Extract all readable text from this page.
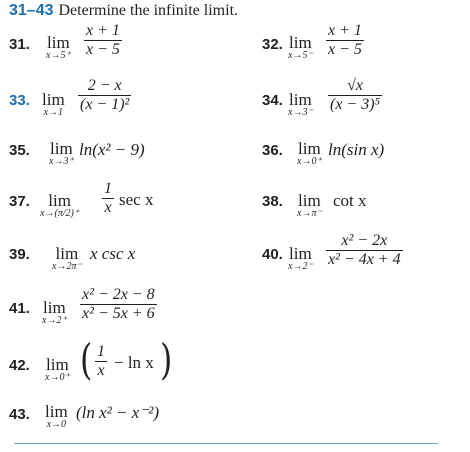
31–43 Determine the infinite limit.
31. lim
x→5⁺
x + 1
x − 5	32. lim
x→5⁻
x + 1
x − 5
33. lim
x→1
2 − x
(x − 1)²	34. lim
x→3⁻
√x
(x − 3)⁵
35. lim
x→3⁺
ln(x² − 9)	36. lim
x→0⁺
ln(sin x)
37.	lim
x→(π/2)⁺
1
x sec x	38. lim
x→π⁻
cot x
39. lim
x→2π⁻
x csc x	40. lim
x→2⁻
x² − 2x
x² − 4x + 4
41. lim
x→2⁺
x² − 2x − 8
x² − 5x + 6
42. lim
x→0⁺ ( 1
x − ln x )
43. lim
x→0
(ln x² − x⁻²)
